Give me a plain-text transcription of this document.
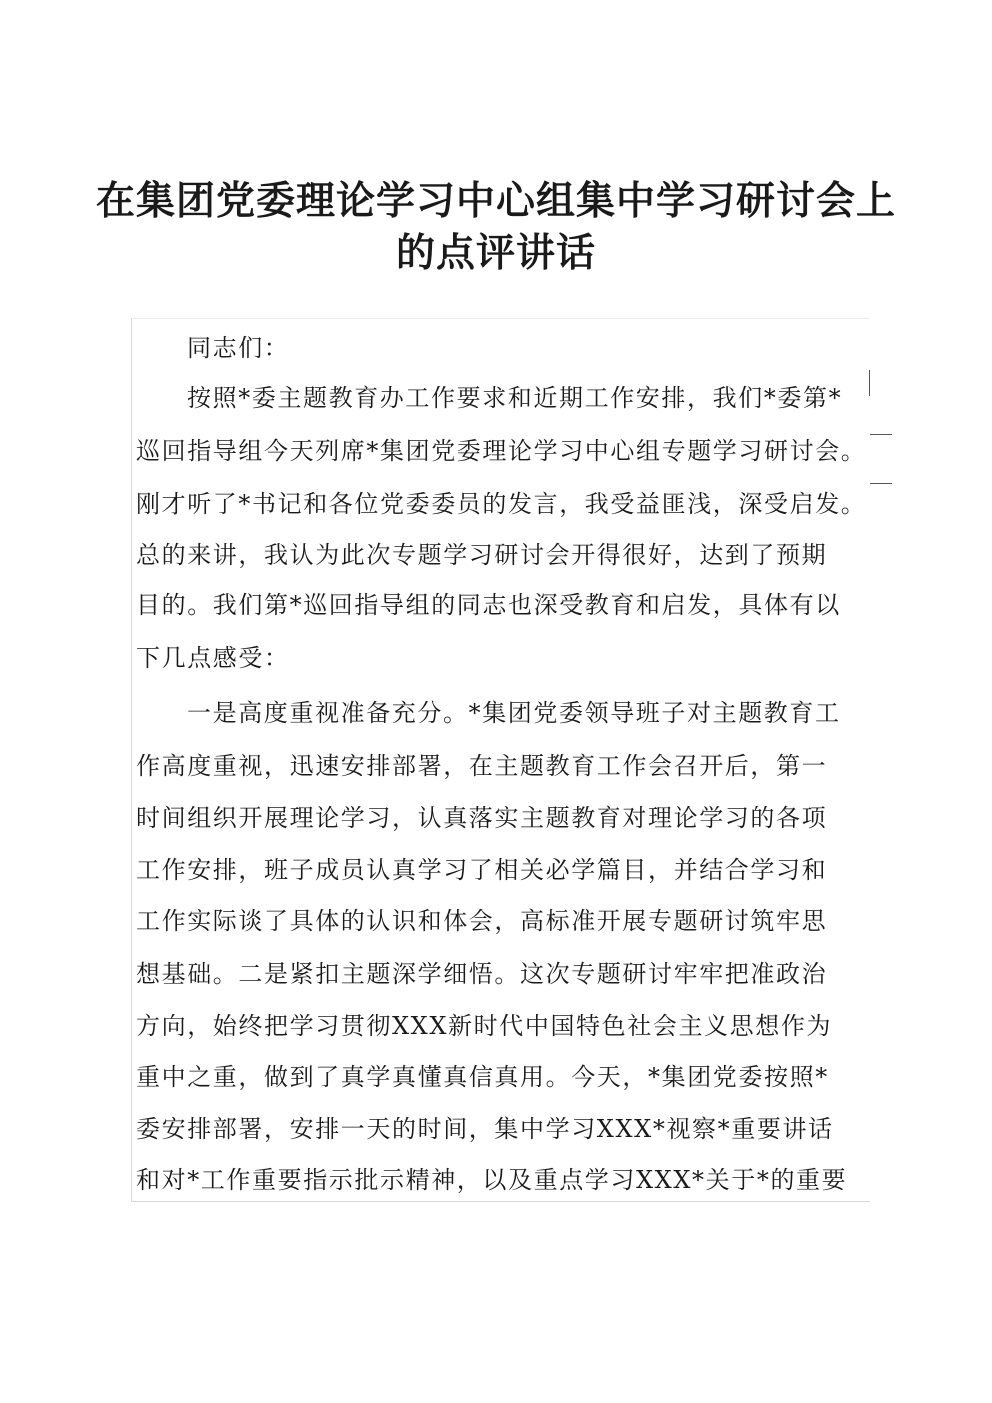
在集团党委理论学习中心组集中学习研讨会上
的点评讲话
同志们：
按照*委主题教育办工作要求和近期工作安排，我们*委第*
巡回指导组今天列席*集团党委理论学习中心组专题学习研讨会。
刚才听了*书记和各位党委委员的发言，我受益匪浅，深受启发。
总的来讲，我认为此次专题学习研讨会开得很好，达到了预期
目的。我们第*巡回指导组的同志也深受教育和启发，具体有以
下几点感受：
一是高度重视准备充分。*集团党委领导班子对主题教育工
作高度重视，迅速安排部署，在主题教育工作会召开后，第一
时间组织开展理论学习，认真落实主题教育对理论学习的各项
工作安排，班子成员认真学习了相关必学篇目，并结合学习和
工作实际谈了具体的认识和体会，高标准开展专题研讨筑牢思
想基础。二是紧扣主题深学细悟。这次专题研讨牢牢把准政治
方向，始终把学习贯彻XXX新时代中国特色社会主义思想作为
重中之重，做到了真学真懂真信真用。今天，*集团党委按照*
委安排部署，安排一天的时间，集中学习XXX*视察*重要讲话
和对*工作重要指示批示精神，以及重点学习XXX*关于*的重要
